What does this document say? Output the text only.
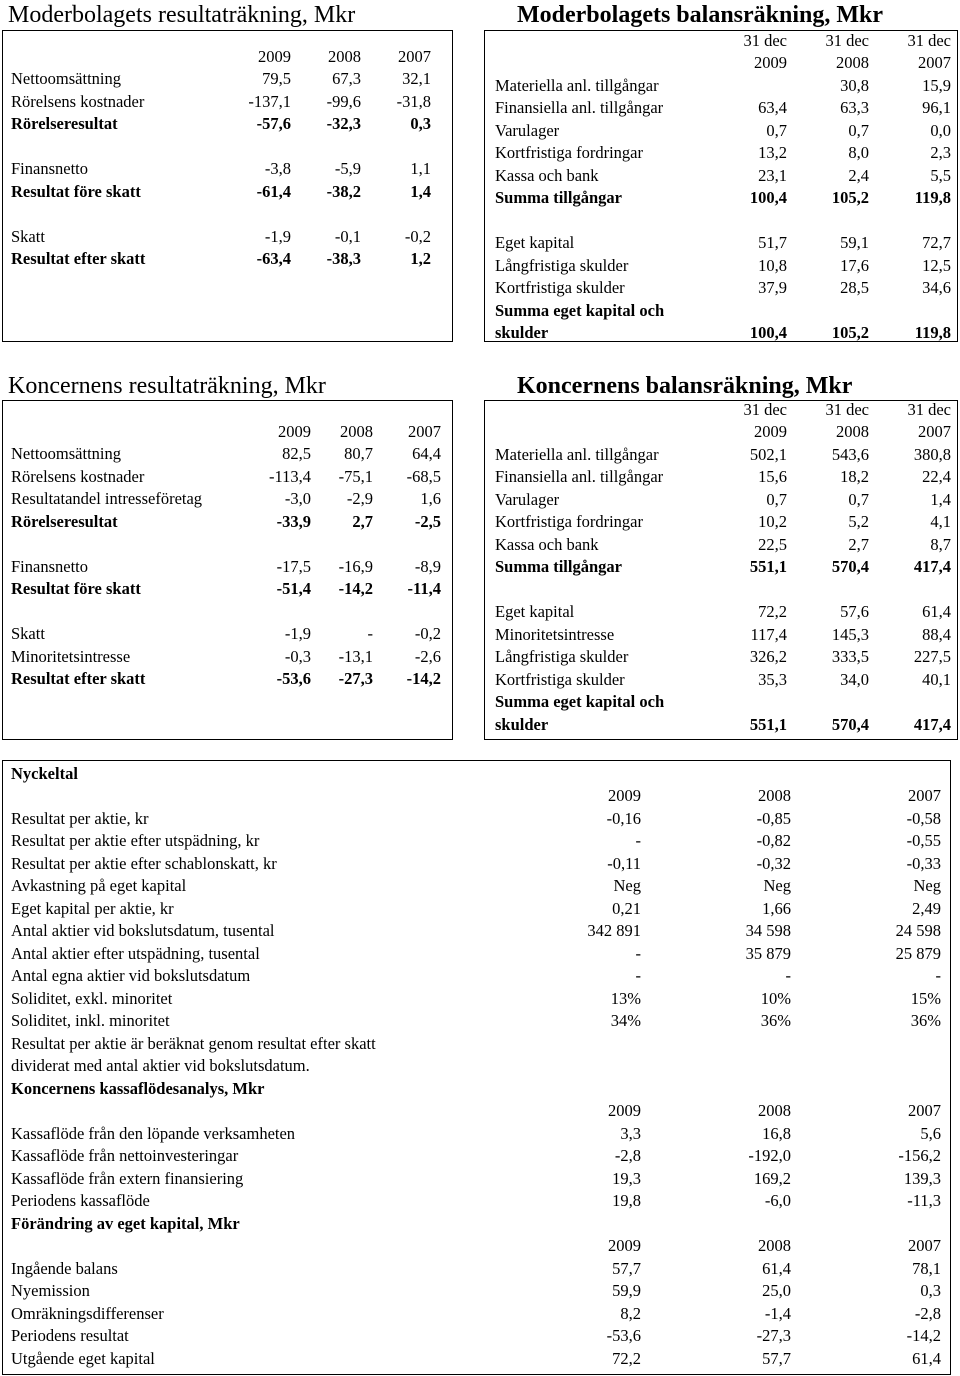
Moderbolagets resultaträkning, Mkr
		2009	2008	2007	
	Nettoomsättning	79,5	67,3	32,1	
	Rörelsens kostnader	-137,1	-99,6	-31,8	
	Rörelseresultat	-57,6	-32,3	0,3	

	Finansnetto	-3,8	-5,9	1,1	
	Resultat före skatt	-61,4	-38,2	1,4	

	Skatt	-1,9	-0,1	-0,2	
	Resultat efter skatt	-63,4	-38,3	1,2	
Moderbolagets balansräkning, Mkr
		31 dec	31 dec	31 dec	
		2009	2008	2007	
	Materiella anl. tillgångar		30,8	15,9	
	Finansiella anl. tillgångar	63,4	63,3	96,1	
	Varulager	0,7	0,7	0,0	
	Kortfristiga fordringar	13,2	8,0	2,3	
	Kassa och bank	23,1	2,4	5,5	
	Summa tillgångar	100,4	105,2	119,8	

	Eget kapital	51,7	59,1	72,7	
	Långfristiga skulder	10,8	17,6	12,5	
	Kortfristiga skulder	37,9	28,5	34,6	
	Summa eget kapital och				
	skulder	100,4	105,2	119,8	
Koncernens resultaträkning, Mkr
		2009	2008	2007	
	Nettoomsättning	82,5	80,7	64,4	
	Rörelsens kostnader	-113,4	-75,1	-68,5	
	Resultatandel intresseföretag	-3,0	-2,9	1,6	
	Rörelseresultat	-33,9	2,7	-2,5	

	Finansnetto	-17,5	-16,9	-8,9	
	Resultat före skatt	-51,4	-14,2	-11,4	

	Skatt	-1,9	-	-0,2	
	Minoritetsintresse	-0,3	-13,1	-2,6	
	Resultat efter skatt	-53,6	-27,3	-14,2	
Koncernens balansräkning, Mkr
		31 dec	31 dec	31 dec	
		2009	2008	2007	
	Materiella anl. tillgångar	502,1	543,6	380,8	
	Finansiella anl. tillgångar	15,6	18,2	22,4	
	Varulager	0,7	0,7	1,4	
	Kortfristiga fordringar	10,2	5,2	4,1	
	Kassa och bank	22,5	2,7	8,7	
	Summa tillgångar	551,1	570,4	417,4	

	Eget kapital	72,2	57,6	61,4	
	Minoritetsintresse	117,4	145,3	88,4	
	Långfristiga skulder	326,2	333,5	227,5	
	Kortfristiga skulder	35,3	34,0	40,1	
	Summa eget kapital och				
	skulder	551,1	570,4	417,4	
	Nyckeltal				
		2009	2008	2007	
	Resultat per aktie, kr	-0,16	-0,85	-0,58	
	Resultat per aktie efter utspädning, kr	-	-0,82	-0,55	
	Resultat per aktie efter schablonskatt, kr	-0,11	-0,32	-0,33	
	Avkastning på eget kapital	Neg	Neg	Neg	
	Eget kapital per aktie, kr	0,21	1,66	2,49	
	Antal aktier vid bokslutsdatum, tusental	342 891	34 598	24 598	
	Antal aktier efter utspädning, tusental	-	35 879	25 879	
	Antal egna aktier vid bokslutsdatum	-	-	-	
	Soliditet, exkl. minoritet	13%	10%	15%	
	Soliditet, inkl. minoritet	34%	36%	36%	
	Resultat per aktie är beräknat genom resultat efter skatt				
	dividerat med antal aktier vid bokslutsdatum.				
	Koncernens kassaflödesanalys, Mkr				
		2009	2008	2007	
	Kassaflöde från den löpande verksamheten	3,3	16,8	5,6	
	Kassaflöde från nettoinvesteringar	-2,8	-192,0	-156,2	
	Kassaflöde från extern finansiering	19,3	169,2	139,3	
	Periodens kassaflöde	19,8	-6,0	-11,3	
	Förändring av eget kapital, Mkr				
		2009	2008	2007	
	Ingående balans	57,7	61,4	78,1	
	Nyemission	59,9	25,0	0,3	
	Omräkningsdifferenser	8,2	-1,4	-2,8	
	Periodens resultat	-53,6	-27,3	-14,2	
	Utgående eget kapital	72,2	57,7	61,4	
